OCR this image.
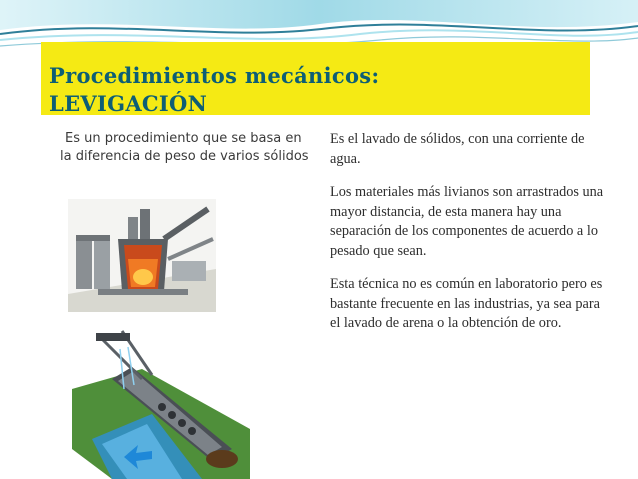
Procedimientos mecánicos:
LEVIGACIÓN
Es un procedimiento que se basa en la diferencia de peso de varios sólidos

Es el lavado de sólidos, con una corriente de agua.

Los materiales más livianos son arrastrados una mayor distancia, de esta manera hay una separación de los componentes de acuerdo a lo pesado que sean.

Esta técnica no es común en laboratorio pero es bastante frecuente en las industrias, ya sea para el lavado de arena o la obtención de oro.
